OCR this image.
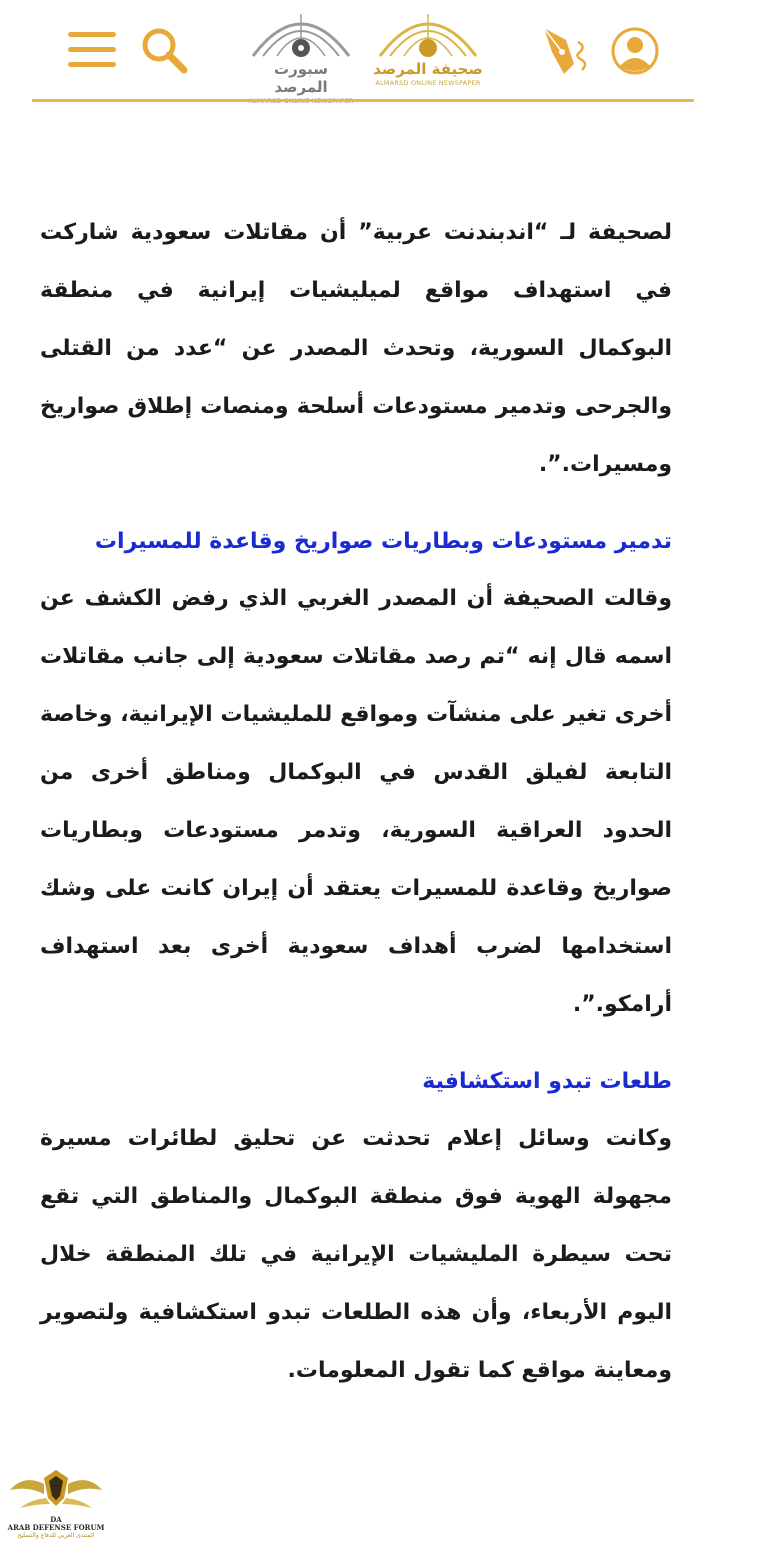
سبورت المرصد
صحيفة المرصد
ALMARSD ONLINE NEWSPAPER

لصحيفة لـ “اندبندنت عربية” أن مقاتلات سعودية شاركت في استهداف مواقع لميليشيات إيرانية في منطقة البوكمال السورية، وتحدث المصدر عن “عدد من القتلى والجرحى وتدمير مستودعات أسلحة ومنصات إطلاق صواريخ ومسيرات.”.

تدمير مستودعات وبطاريات صواريخ وقاعدة للمسيرات

وقالت الصحيفة أن المصدر الغربي الذي رفض الكشف عن اسمه قال إنه “تم رصد مقاتلات سعودية إلى جانب مقاتلات أخرى تغير على منشآت ومواقع للمليشيات الإيرانية، وخاصة التابعة لفيلق القدس في البوكمال ومناطق أخرى من الحدود العراقية السورية، وتدمر مستودعات وبطاريات صواريخ وقاعدة للمسيرات يعتقد أن إيران كانت على وشك استخدامها لضرب أهداف سعودية أخرى بعد استهداف أرامكو.”.

طلعات تبدو استكشافية

وكانت وسائل إعلام تحدثت عن تحليق لطائرات مسيرة مجهولة الهوية فوق منطقة البوكمال والمناطق التي تقع تحت سيطرة المليشيات الإيرانية في تلك المنطقة خلال اليوم الأربعاء، وأن هذه الطلعات تبدو استكشافية ولتصوير ومعاينة مواقع كما تقول المعلومات.

DA
ARAB DEFENSE FORUM
المنتدى العربي للدفاع والتسليح
